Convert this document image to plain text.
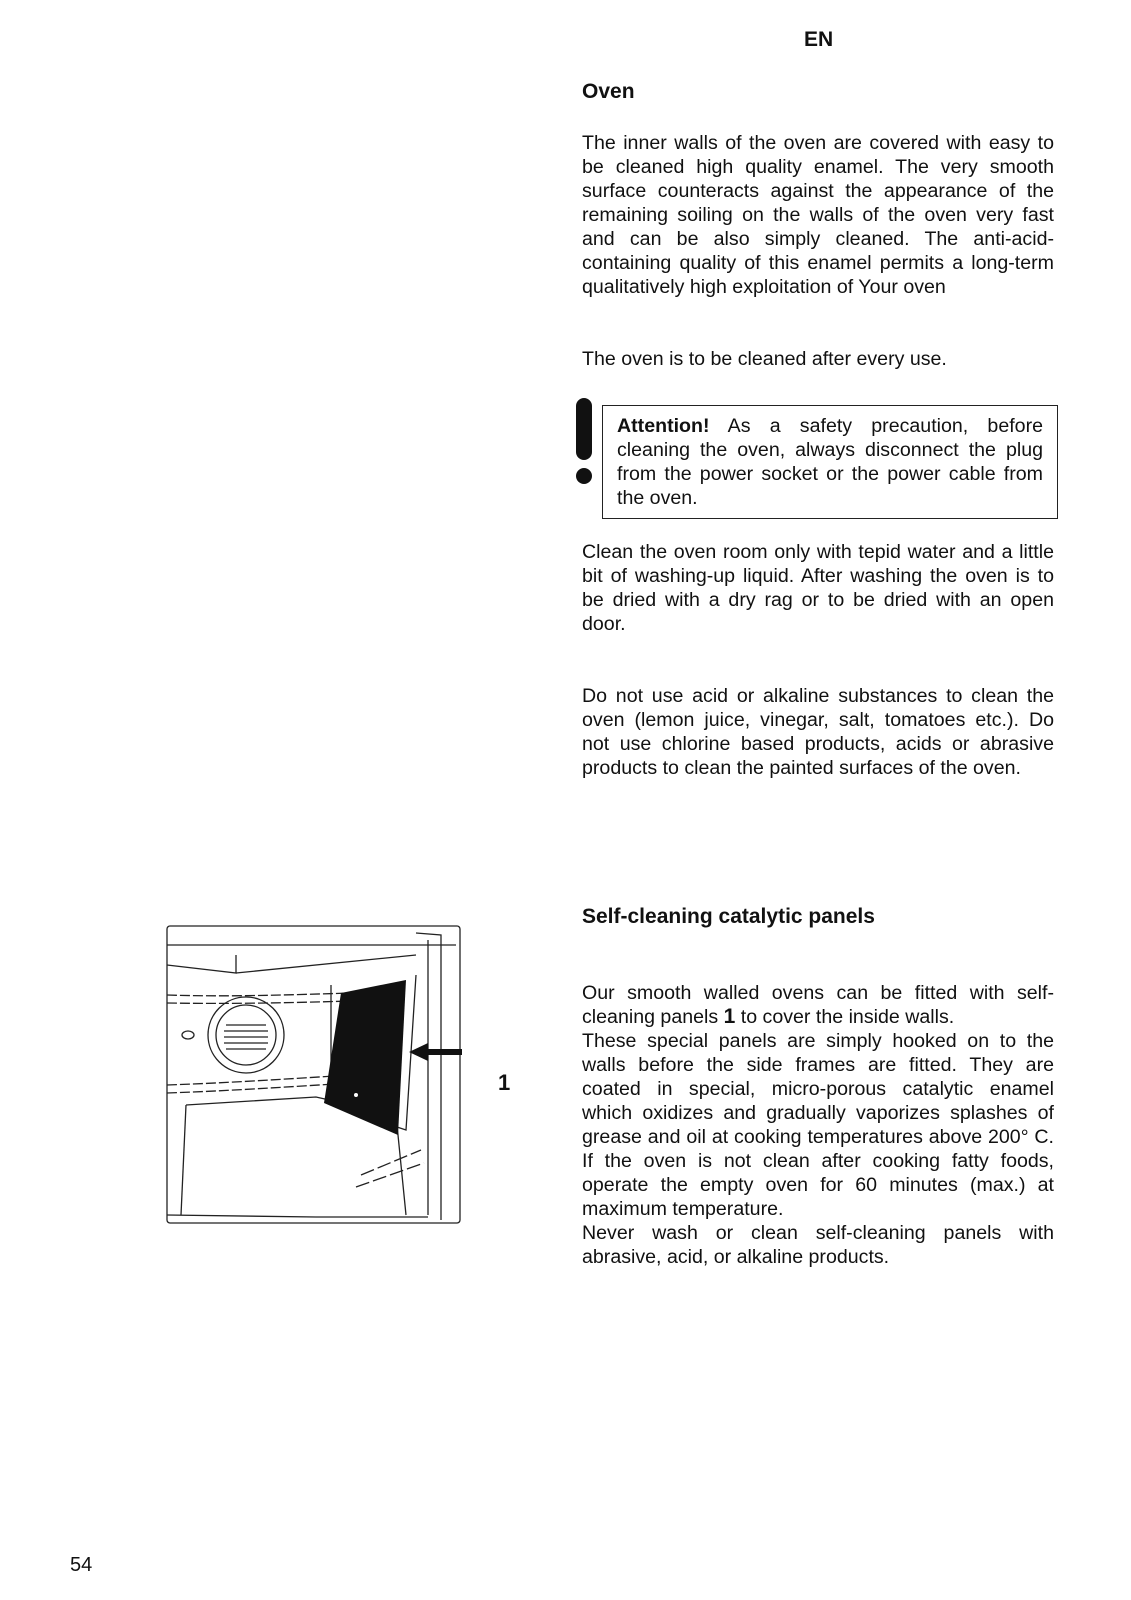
EN
Oven

The inner walls of the oven are covered with easy to be cleaned high quality enamel. The very smooth surface counteracts against the appearance of the remaining soiling on the walls of the oven very fast and can be also simply cleaned. The anti-acid-containing quality of this enamel permits a long-term qualitatively high exploitation of Your oven

The oven is to be cleaned after every use.

Attention! As a safety precaution, before cleaning the oven, always disconnect the plug from the power socket or the power cable from the oven.

Clean the oven room only with tepid water and a little bit of washing-up liquid. After washing the oven is to be dried with a dry rag or to be dried with an open door.

Do not use acid or alkaline substances to clean the oven (lemon juice, vinegar, salt, tomatoes etc.). Do not use chlorine based products, acids or abrasive products to clean the painted surfaces of the oven.

Self-cleaning catalytic panels

Our smooth walled ovens can be fitted with self-cleaning panels 1 to cover the inside walls.

These special panels are simply hooked on to the walls before the side frames are fitted. They are coated in special, micro-porous catalytic enamel which oxidizes and gradually vaporizes splashes of grease and oil at cooking temperatures above 200° C. If the oven is not clean after cooking fatty foods, operate the empty oven for 60 minutes (max.) at maximum temperature.

Never wash or clean self-cleaning panels with abrasive, acid, or alkaline products.

1
54
